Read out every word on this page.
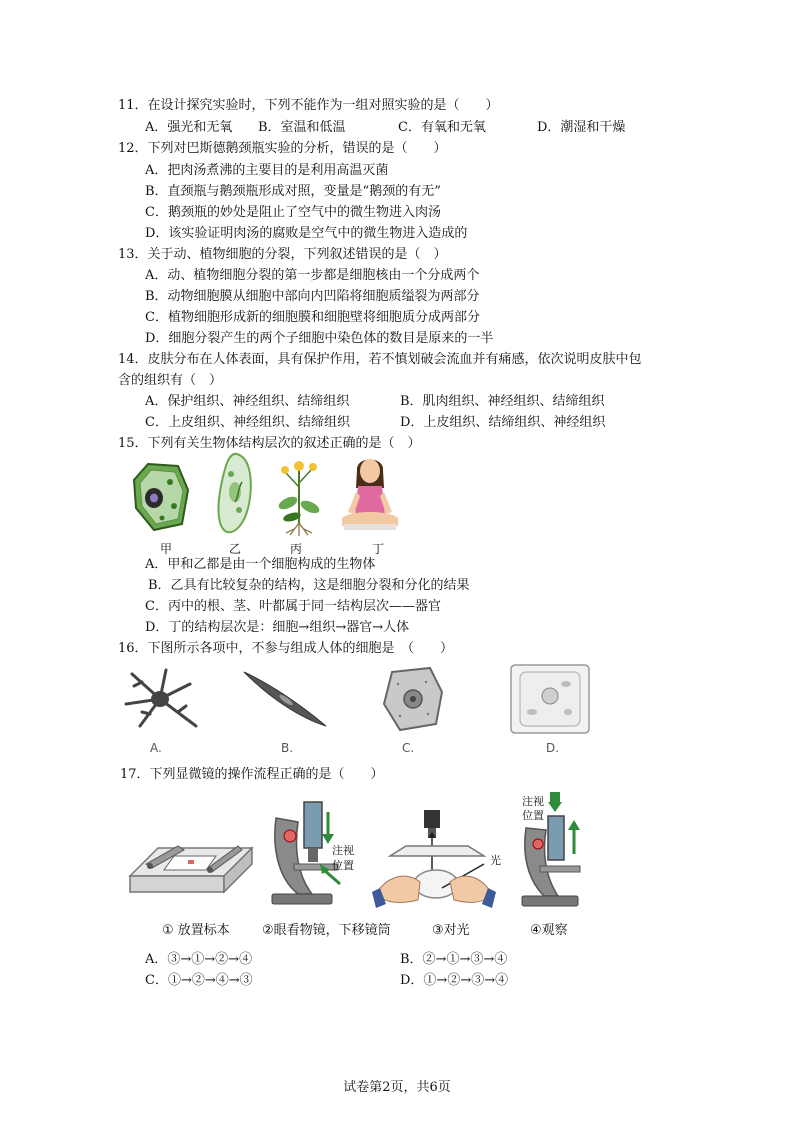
11．在设计探究实验时，下列不能作为一组对照实验的是（　　）
A．强光和无氧 B．室温和低温	C．有氧和无氧	D．潮湿和干燥
12．下列对巴斯德鹅颈瓶实验的分析，错误的是（　　）
A．把肉汤煮沸的主要目的是利用高温灭菌
B．直颈瓶与鹅颈瓶形成对照，变量是“鹅颈的有无”
C．鹅颈瓶的妙处是阻止了空气中的微生物进入肉汤
D．该实验证明肉汤的腐败是空气中的微生物进入造成的
13．关于动、植物细胞的分裂，下列叙述错误的是（　）
A．动、植物细胞分裂的第一步都是细胞核由一个分成两个
B．动物细胞膜从细胞中部向内凹陷将细胞质缢裂为两部分
C．植物细胞形成新的细胞膜和细胞壁将细胞质分成两部分
D．细胞分裂产生的两个子细胞中染色体的数目是原来的一半
14．皮肤分布在人体表面，具有保护作用，若不慎划破会流血并有痛感，依次说明皮肤中包
含的组织有（　）
A．保护组织、神经组织、结缔组织	B．肌肉组织、神经组织、结缔组织
C．上皮组织、神经组织、结缔组织	D．上皮组织、结缔组织、神经组织
15．下列有关生物体结构层次的叙述正确的是（　）
甲	乙	丙	丁
A．甲和乙都是由一个细胞构成的生物体
B．乙具有比较复杂的结构，这是细胞分裂和分化的结果
C．丙中的根、茎、叶都属于同一结构层次——器官
D．丁的结构层次是：细胞→组织→器官→人体
16．下图所示各项中，不参与组成人体的细胞是　（　　）
A.	B.	C.	D.
17．下列显微镜的操作流程正确的是（　　）
注视
位置	光
注视
位置
① 放置标本 ②眼看物镜，下移镜筒	③对光	④观察
A．③→①→②→④	B．②→①→③→④
C．①→②→④→③	D．①→②→③→④
试卷第2页，共6页
